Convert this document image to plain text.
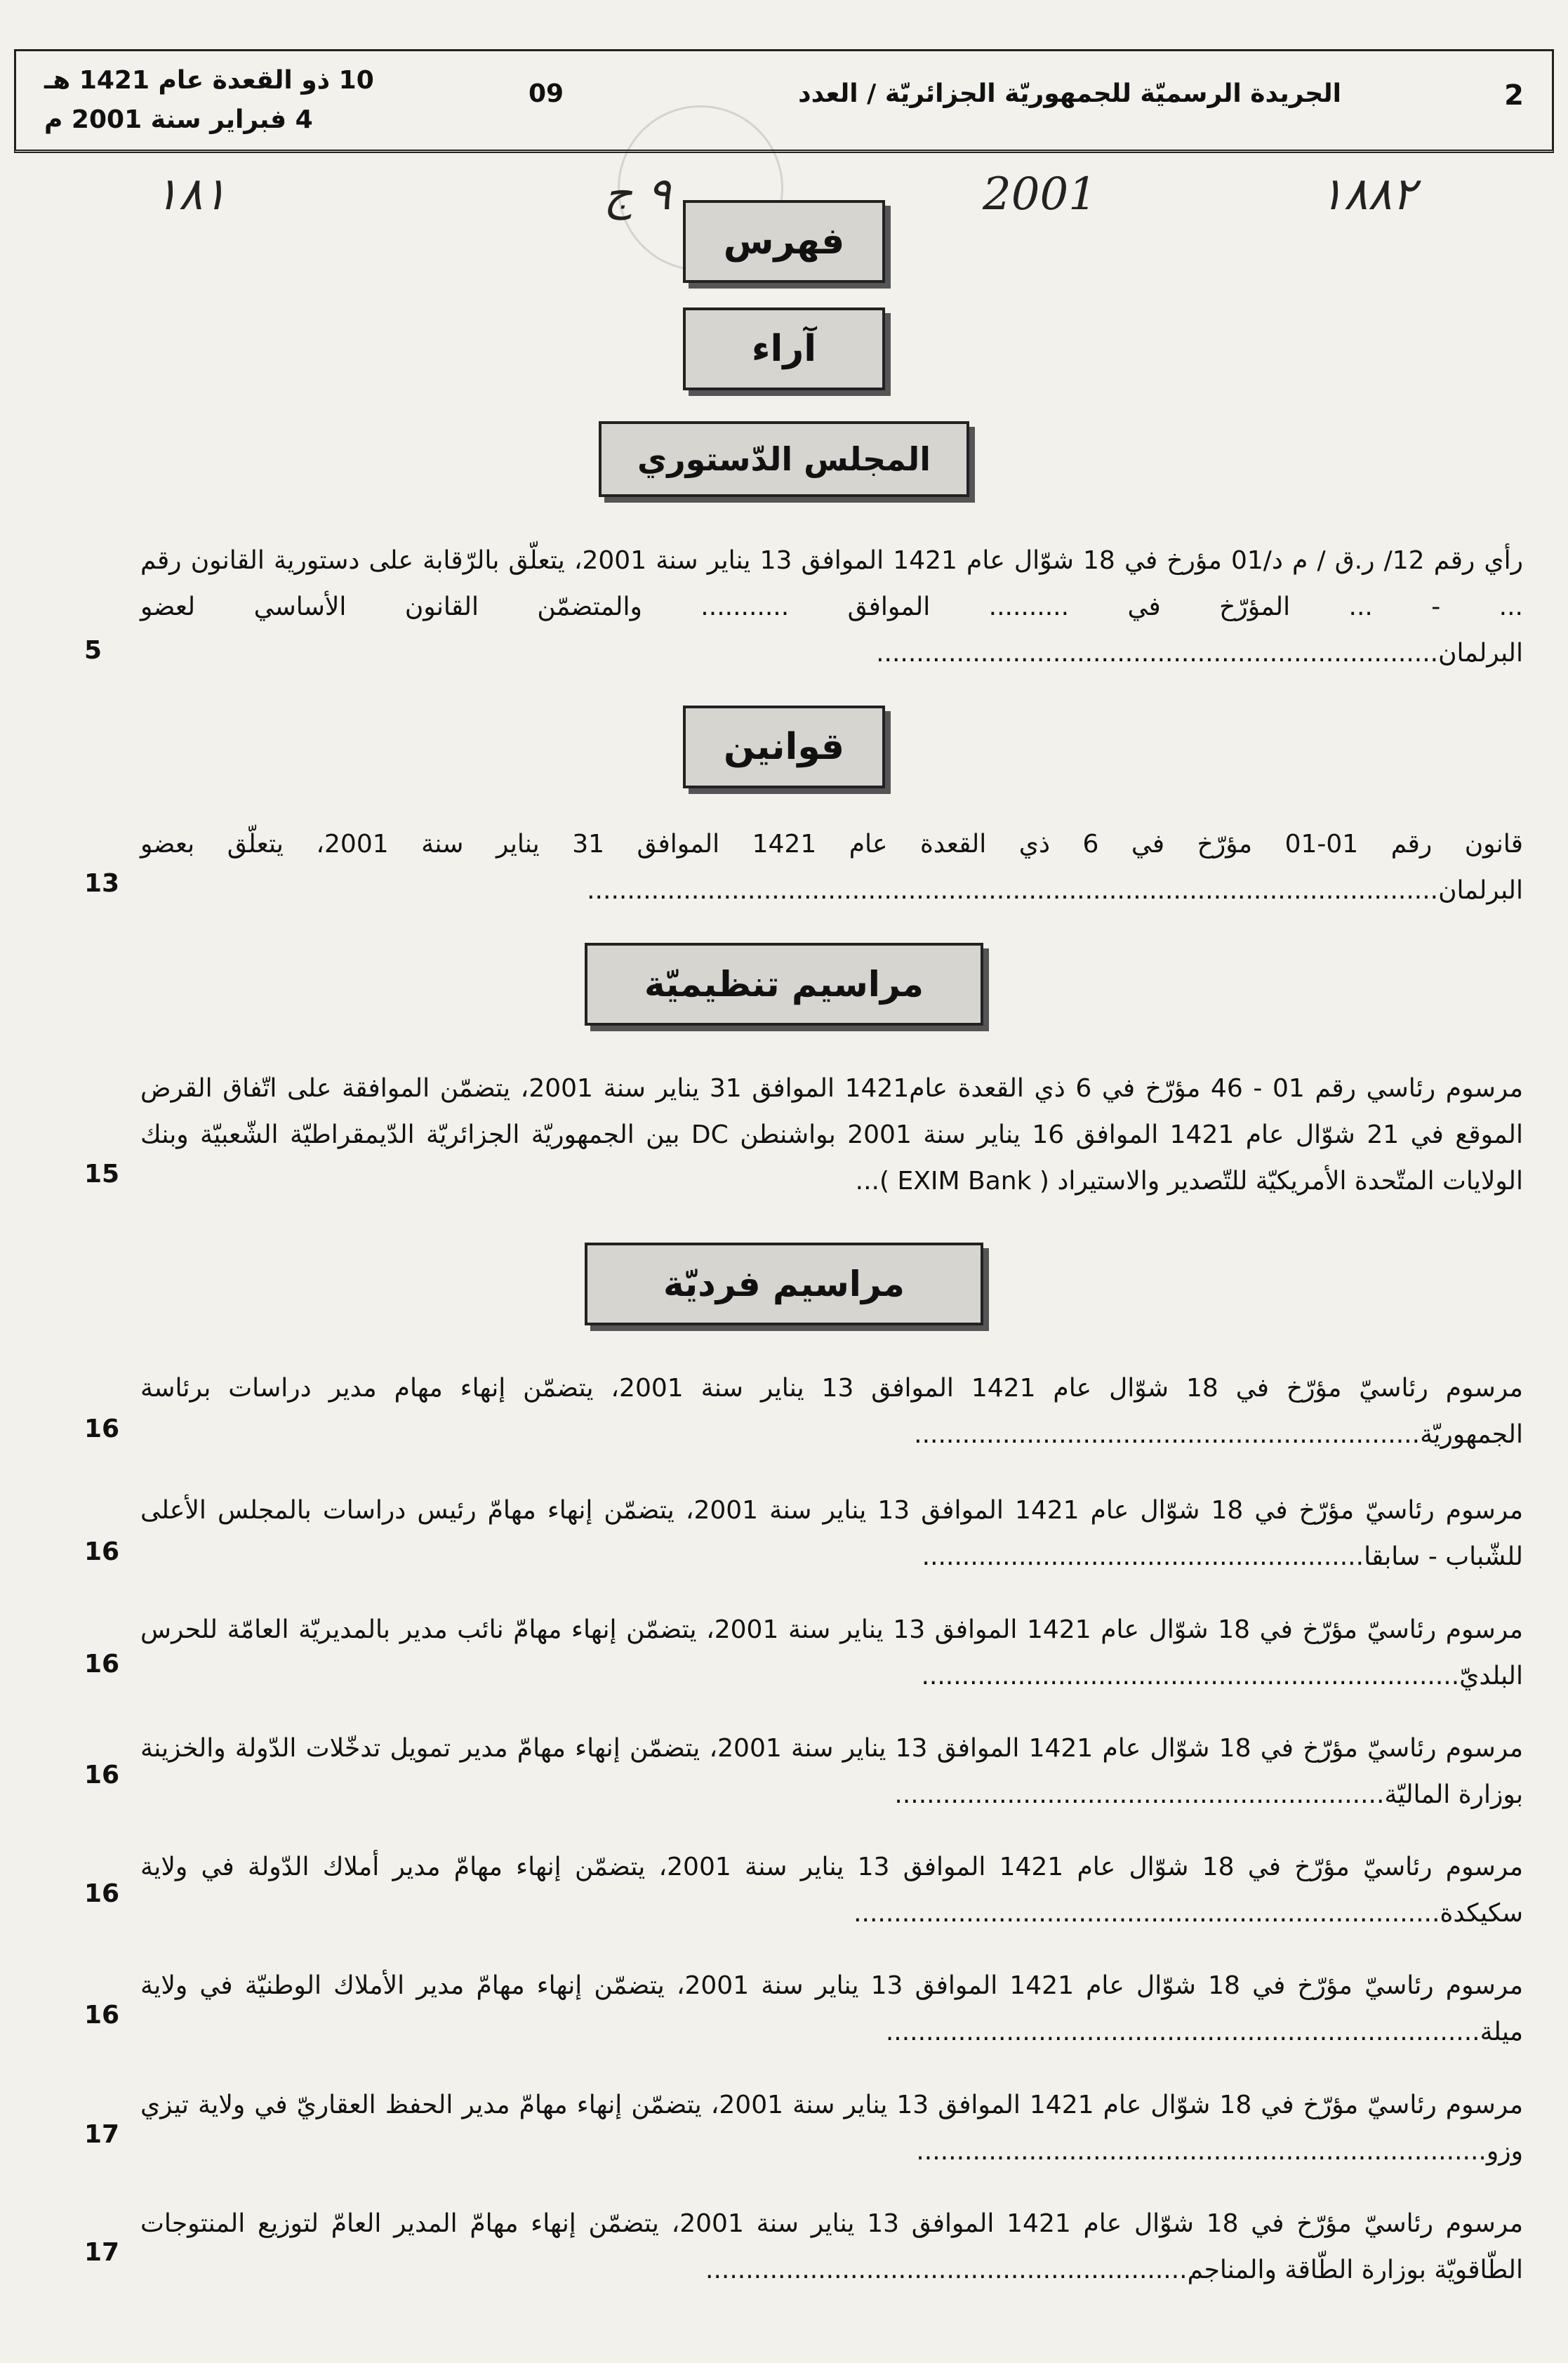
2
الجريدة الرسميّة للجمهوريّة الجزائريّة / العدد
09
10 ذو القعدة عام 1421 هـ
4 فبراير سنة 2001 م
١٨٨٢
2001
٩ ج
١٨١
فهرس
آراء
المجلس الدّستوري
رأي رقم 12/ ر.ق / م د/01 مؤرخ في 18 شوّال عام 1421 الموافق 13 يناير سنة 2001، يتعلّق بالرّقابة على دستورية القانون رقم ... - ... المؤرّخ في .......... الموافق ........... والمتضمّن القانون الأساسي لعضو البرلمان......................................................................
5
قوانين
قانون رقم 01-01 مؤرّخ في 6 ذي القعدة عام 1421 الموافق 31 يناير سنة 2001، يتعلّق بعضو البرلمان..........................................................................................................
13
مراسيم تنظيميّة
مرسوم رئاسي رقم 01 - 46 مؤرّخ في 6 ذي القعدة عام1421 الموافق 31 يناير سنة 2001، يتضمّن الموافقة على اتّفاق القرض الموقع في 21 شوّال عام 1421 الموافق 16 يناير سنة 2001 بواشنطن DC بين الجمهوريّة الجزائريّة الدّيمقراطيّة الشّعبيّة وبنك الولايات المتّحدة الأمريكيّة للتّصدير والاستيراد ( EXIM Bank )...
15
مراسيم فرديّة
مرسوم رئاسيّ مؤرّخ في 18 شوّال عام 1421 الموافق 13 يناير سنة 2001، يتضمّن إنهاء مهام مدير دراسات برئاسة الجمهوريّة...............................................................
16
مرسوم رئاسيّ مؤرّخ في 18 شوّال عام 1421 الموافق 13 يناير سنة 2001، يتضمّن إنهاء مهامّ رئيس دراسات بالمجلس الأعلى للشّباب - سابقا.......................................................
16
مرسوم رئاسيّ مؤرّخ في 18 شوّال عام 1421 الموافق 13 يناير سنة 2001، يتضمّن إنهاء مهامّ نائب مدير بالمديريّة العامّة للحرس البلديّ...................................................................
16
مرسوم رئاسيّ مؤرّخ في 18 شوّال عام 1421 الموافق 13 يناير سنة 2001، يتضمّن إنهاء مهامّ مدير تمويل تدخّلات الدّولة والخزينة بوزارة الماليّة.............................................................
16
مرسوم رئاسيّ مؤرّخ في 18 شوّال عام 1421 الموافق 13 يناير سنة 2001، يتضمّن إنهاء مهامّ مدير أملاك الدّولة في ولاية سكيكدة.........................................................................
16
مرسوم رئاسيّ مؤرّخ في 18 شوّال عام 1421 الموافق 13 يناير سنة 2001، يتضمّن إنهاء مهامّ مدير الأملاك الوطنيّة في ولاية ميلة..........................................................................
16
مرسوم رئاسيّ مؤرّخ في 18 شوّال عام 1421 الموافق 13 يناير سنة 2001، يتضمّن إنهاء مهامّ مدير الحفظ العقاريّ في ولاية تيزي وزو.......................................................................
17
مرسوم رئاسيّ مؤرّخ في 18 شوّال عام 1421 الموافق 13 يناير سنة 2001، يتضمّن إنهاء مهامّ المدير العامّ لتوزيع المنتوجات الطّاقويّة بوزارة الطّاقة والمناجم............................................................
17
